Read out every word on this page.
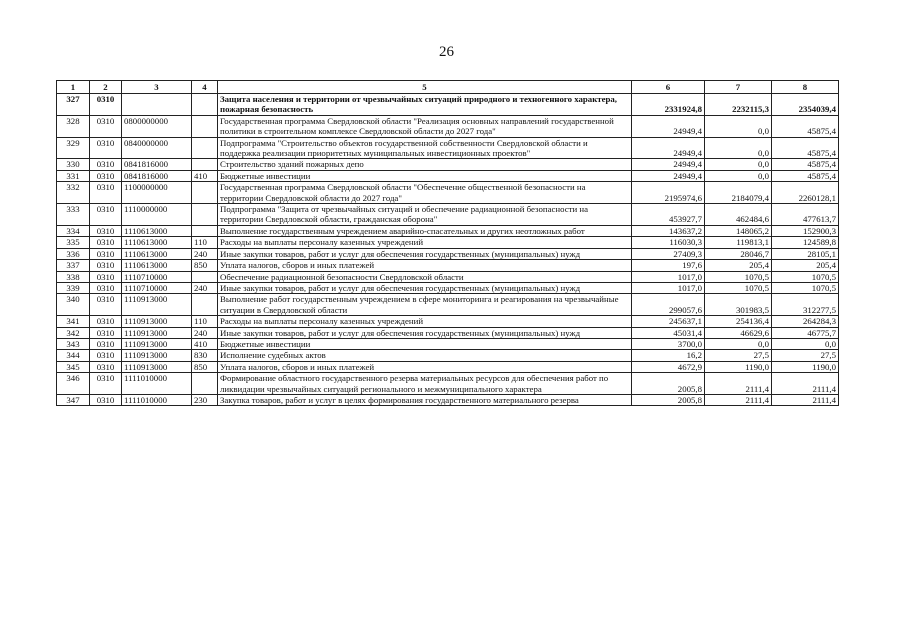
26
1	2	3	4	5	6	7	8
327	0310			Защита населения и территории от чрезвычайных ситуаций природного и техногенного характера, пожарная безопасность	2331924,8	2232115,3	2354039,4
328	0310	0800000000		Государственная программа Свердловской области "Реализация основных направлений государственной политики в строительном комплексе Свердловской области до 2027 года"	24949,4	0,0	45875,4
329	0310	0840000000		Подпрограмма "Строительство объектов государственной собственности Свердловской области и поддержка реализации приоритетных муниципальных инвестиционных проектов"	24949,4	0,0	45875,4
330	0310	0841816000		Строительство зданий пожарных депо	24949,4	0,0	45875,4
331	0310	0841816000	410	Бюджетные инвестиции	24949,4	0,0	45875,4
332	0310	1100000000		Государственная программа Свердловской области "Обеспечение общественной безопасности на территории Свердловской области до 2027 года"	2195974,6	2184079,4	2260128,1
333	0310	1110000000		Подпрограмма "Защита от чрезвычайных ситуаций и обеспечение радиационной безопасности на территории Свердловской области, гражданская оборона"	453927,7	462484,6	477613,7
334	0310	1110613000		Выполнение государственным учреждением аварийно-спасательных и других неотложных работ	143637,2	148065,2	152900,3
335	0310	1110613000	110	Расходы на выплаты персоналу казенных учреждений	116030,3	119813,1	124589,8
336	0310	1110613000	240	Иные закупки товаров, работ и услуг для обеспечения государственных (муниципальных) нужд	27409,3	28046,7	28105,1
337	0310	1110613000	850	Уплата налогов, сборов и иных платежей	197,6	205,4	205,4
338	0310	1110710000		Обеспечение радиационной безопасности Свердловской области	1017,0	1070,5	1070,5
339	0310	1110710000	240	Иные закупки товаров, работ и услуг для обеспечения государственных (муниципальных) нужд	1017,0	1070,5	1070,5
340	0310	1110913000		Выполнение работ государственным учреждением в сфере мониторинга и реагирования на чрезвычайные ситуации в Свердловской области	299057,6	301983,5	312277,5
341	0310	1110913000	110	Расходы на выплаты персоналу казенных учреждений	245637,1	254136,4	264284,3
342	0310	1110913000	240	Иные закупки товаров, работ и услуг для обеспечения государственных (муниципальных) нужд	45031,4	46629,6	46775,7
343	0310	1110913000	410	Бюджетные инвестиции	3700,0	0,0	0,0
344	0310	1110913000	830	Исполнение судебных актов	16,2	27,5	27,5
345	0310	1110913000	850	Уплата налогов, сборов и иных платежей	4672,9	1190,0	1190,0
346	0310	1111010000		Формирование областного государственного резерва материальных ресурсов для обеспечения работ по ликвидации чрезвычайных ситуаций регионального и межмуниципального характера	2005,8	2111,4	2111,4
347	0310	1111010000	230	Закупка товаров, работ и услуг в целях формирования государственного материального резерва	2005,8	2111,4	2111,4
